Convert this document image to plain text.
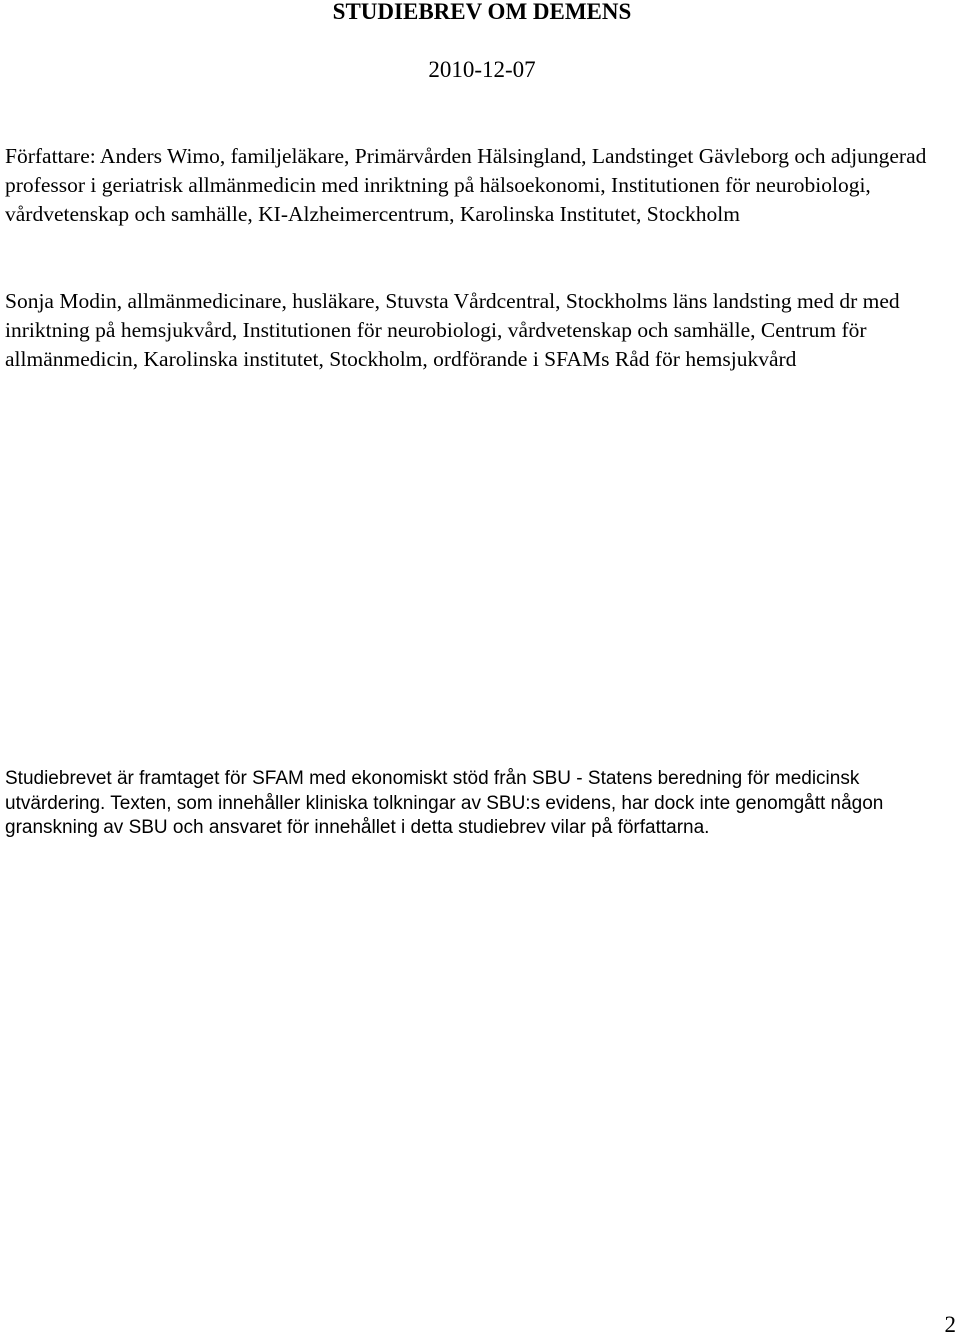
STUDIEBREV OM DEMENS
2010-12-07

Författare: Anders Wimo, familjeläkare, Primärvården Hälsingland, Landstinget Gävleborg och adjungerad professor i geriatrisk allmänmedicin med inriktning på hälsoekonomi, Institutionen för neurobiologi, vårdvetenskap och samhälle, KI-Alzheimercentrum, Karolinska Institutet, Stockholm

Sonja Modin, allmänmedicinare, husläkare, Stuvsta Vårdcentral, Stockholms läns landsting med dr med inriktning på hemsjukvård, Institutionen för neurobiologi, vårdvetenskap och samhälle, Centrum för allmänmedicin, Karolinska institutet, Stockholm, ordförande i SFAMs Råd för hemsjukvård

Studiebrevet är framtaget för SFAM med ekonomiskt stöd från SBU - Statens beredning för medicinsk utvärdering. Texten, som innehåller kliniska tolkningar av SBU:s evidens, har dock inte genomgått någon granskning av SBU och ansvaret för innehållet i detta studiebrev vilar på författarna.

2
